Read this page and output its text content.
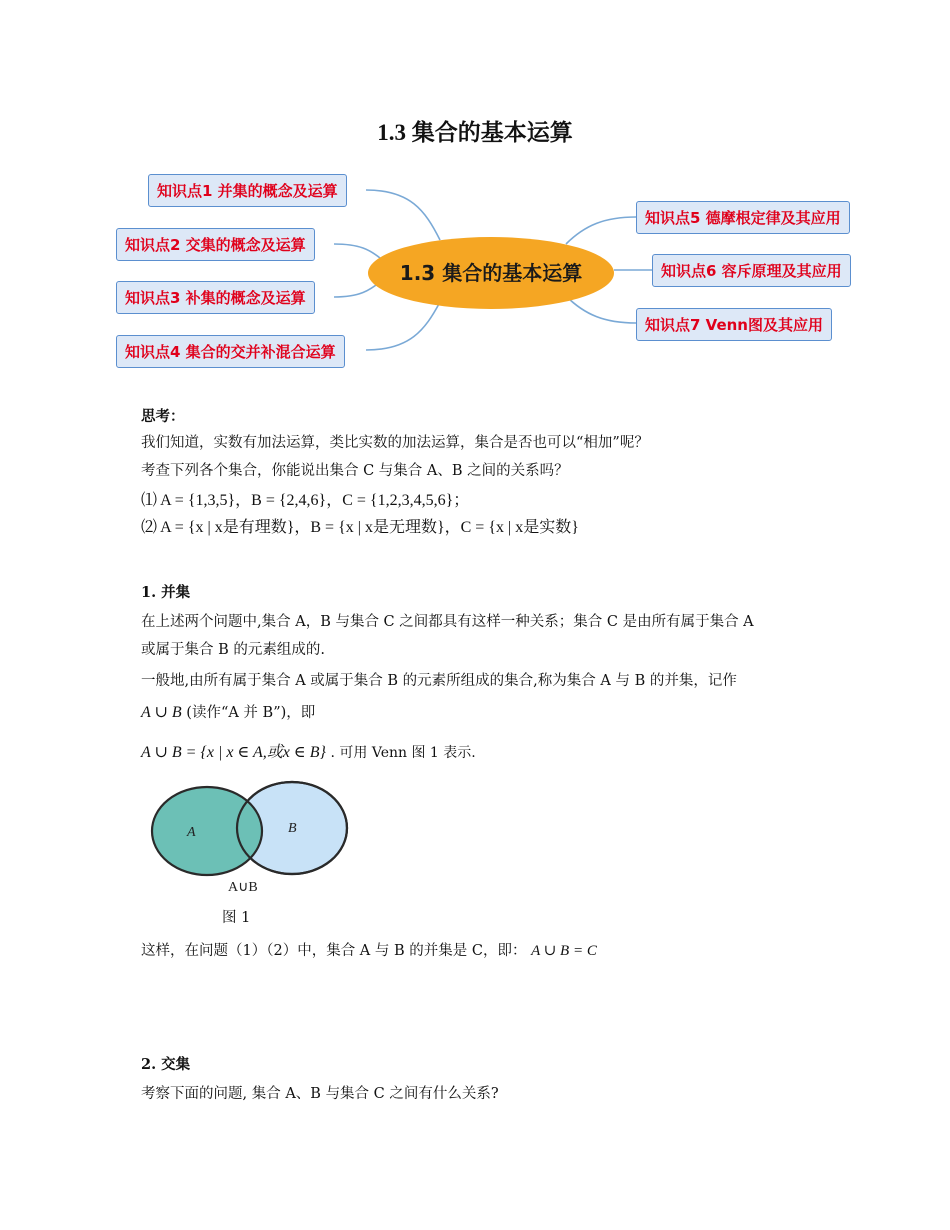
1.3 集合的基本运算
知识点1 并集的概念及运算
知识点2 交集的概念及运算
知识点3 补集的概念及运算
知识点4 集合的交并补混合运算
1.3 集合的基本运算
知识点5 德摩根定律及其应用
知识点6 容斥原理及其应用
知识点7 Venn图及其应用
思考：
我们知道，实数有加法运算，类比实数的加法运算，集合是否也可以“相加”呢？
考查下列各个集合，你能说出集合 C 与集合 A、B 之间的关系吗？
⑴ A = {1,3,5}，B = {2,4,6}，C = {1,2,3,4,5,6}；
⑵ A = {x | x是有理数}，B = {x | x是无理数}，C = {x | x是实数}
1. 并集
在上述两个问题中,集合 A，B 与集合 C 之间都具有这样一种关系；集合 C 是由所有属于集合 A
或属于集合 B 的元素组成的.
一般地,由所有属于集合 A 或属于集合 B 的元素所组成的集合,称为集合 A 与 B 的并集，记作
A ∪ B (读作“A 并 B”)，即
A ∪ B = {x | x ∈ A,或x ∈ B} . 可用 Venn 图 1 表示.
A	B
A∪B
图 1
这样，在问题（1）（2）中，集合 A 与 B 的并集是 C，即： A ∪ B = C
2. 交集
考察下面的问题, 集合 A、B 与集合 C 之间有什么关系?
